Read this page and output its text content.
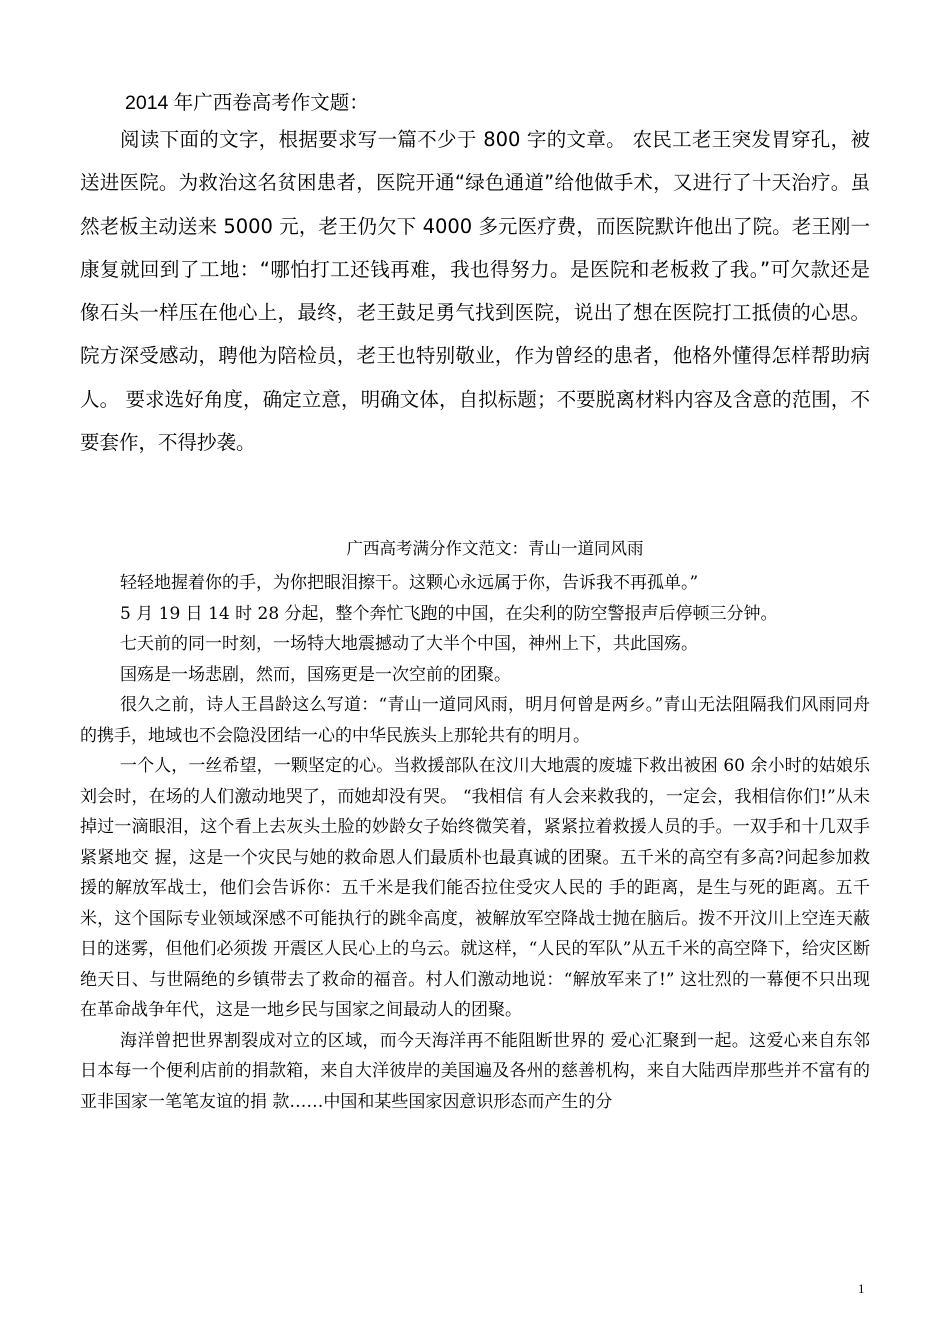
2014 年广西卷高考作文题：

阅读下面的文字，根据要求写一篇不少于 800 字的文章。 农民工老王突发胃穿孔，被送进医院。为救治这名贫困患者，医院开通“绿色通道”给他做手术，又进行了十天治疗。虽然老板主动送来 5000 元，老王仍欠下 4000 多元医疗费，而医院默许他出了院。老王刚一康复就回到了工地：“哪怕打工还钱再难，我也得努力。是医院和老板救了我。”可欠款还是像石头一样压在他心上，最终，老王鼓足勇气找到医院，说出了想在医院打工抵债的心思。院方深受感动，聘他为陪检员，老王也特别敬业，作为曾经的患者，他格外懂得怎样帮助病人。 要求选好角度，确定立意，明确文体，自拟标题；不要脱离材料内容及含意的范围，不要套作，不得抄袭。

广西高考满分作文范文：青山一道同风雨

轻轻地握着你的手，为你把眼泪擦干。这颗心永远属于你，告诉我不再孤单。”

5 月 19 日 14 时 28 分起，整个奔忙飞跑的中国，在尖利的防空警报声后停顿三分钟。

七天前的同一时刻，一场特大地震撼动了大半个中国，神州上下，共此国殇。

国殇是一场悲剧，然而，国殇更是一次空前的团聚。

很久之前，诗人王昌龄这么写道：“青山一道同风雨，明月何曾是两乡。”青山无法阻隔我们风雨同舟的携手，地域也不会隐没团结一心的中华民族头上那轮共有的明月。

一个人，一丝希望，一颗坚定的心。当救援部队在汶川大地震的废墟下救出被困 60 余小时的姑娘乐刘会时，在场的人们激动地哭了，而她却没有哭。 “我相信 有人会来救我的，一定会，我相信你们!”从未掉过一滴眼泪，这个看上去灰头土脸的妙龄女子始终微笑着，紧紧拉着救援人员的手。一双手和十几双手紧紧地交 握，这是一个灾民与她的救命恩人们最质朴也最真诚的团聚。五千米的高空有多高?问起参加救援的解放军战士，他们会告诉你：五千米是我们能否拉住受灾人民的 手的距离，是生与死的距离。五千米，这个国际专业领域深感不可能执行的跳伞高度，被解放军空降战士抛在脑后。拨不开汶川上空连天蔽日的迷雾，但他们必须拨 开震区人民心上的乌云。就这样，“人民的军队”从五千米的高空降下，给灾区断绝天日、与世隔绝的乡镇带去了救命的福音。村人们激动地说：“解放军来了!” 这壮烈的一幕便不只出现在革命战争年代，这是一地乡民与国家之间最动人的团聚。

海洋曾把世界割裂成对立的区域，而今天海洋再不能阻断世界的 爱心汇聚到一起。这爱心来自东邻日本每一个便利店前的捐款箱，来自大洋彼岸的美国遍及各州的慈善机构，来自大陆西岸那些并不富有的亚非国家一笔笔友谊的捐 款……中国和某些国家因意识形态而产生的分

1
